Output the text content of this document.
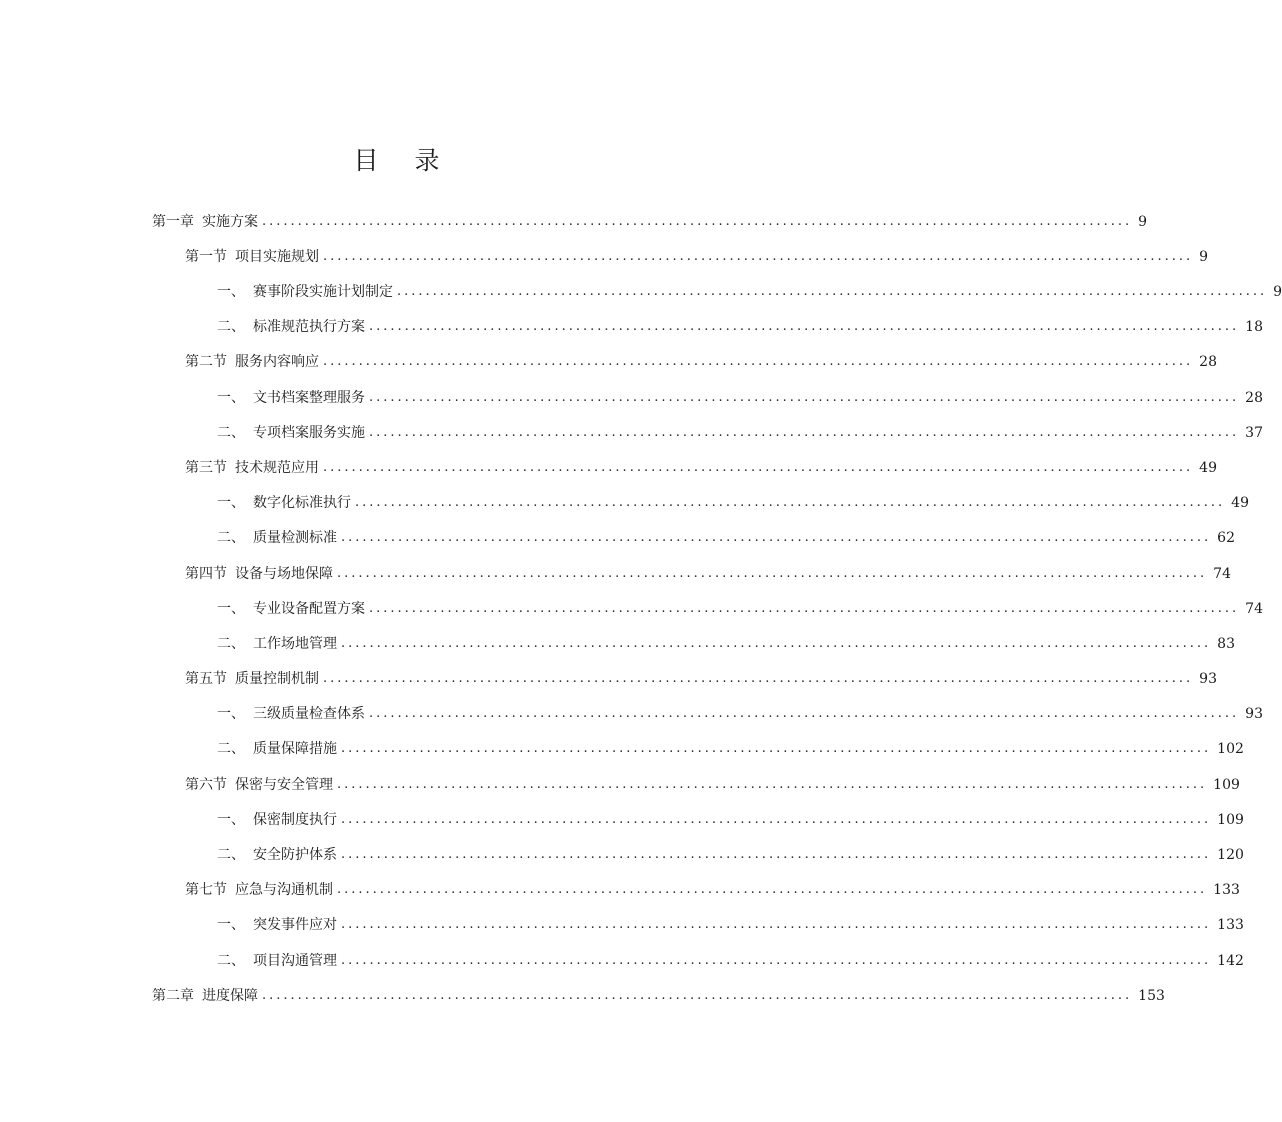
目 录
第一章 实施方案 .......................................................................................................................... 9
第一节 项目实施规划 .......................................................................................................................... 9
一、 赛事阶段实施计划制定 .......................................................................................................................... 9
二、 标准规范执行方案 .......................................................................................................................... 18
第二节 服务内容响应 .......................................................................................................................... 28
一、 文书档案整理服务 .......................................................................................................................... 28
二、 专项档案服务实施 .......................................................................................................................... 37
第三节 技术规范应用 .......................................................................................................................... 49
一、 数字化标准执行 .......................................................................................................................... 49
二、 质量检测标准 .......................................................................................................................... 62
第四节 设备与场地保障 .......................................................................................................................... 74
一、 专业设备配置方案 .......................................................................................................................... 74
二、 工作场地管理 .......................................................................................................................... 83
第五节 质量控制机制 .......................................................................................................................... 93
一、 三级质量检查体系 .......................................................................................................................... 93
二、 质量保障措施 .......................................................................................................................... 102
第六节 保密与安全管理 .......................................................................................................................... 109
一、 保密制度执行 .......................................................................................................................... 109
二、 安全防护体系 .......................................................................................................................... 120
第七节 应急与沟通机制 .......................................................................................................................... 133
一、 突发事件应对 .......................................................................................................................... 133
二、 项目沟通管理 .......................................................................................................................... 142
第二章 进度保障 .......................................................................................................................... 153
